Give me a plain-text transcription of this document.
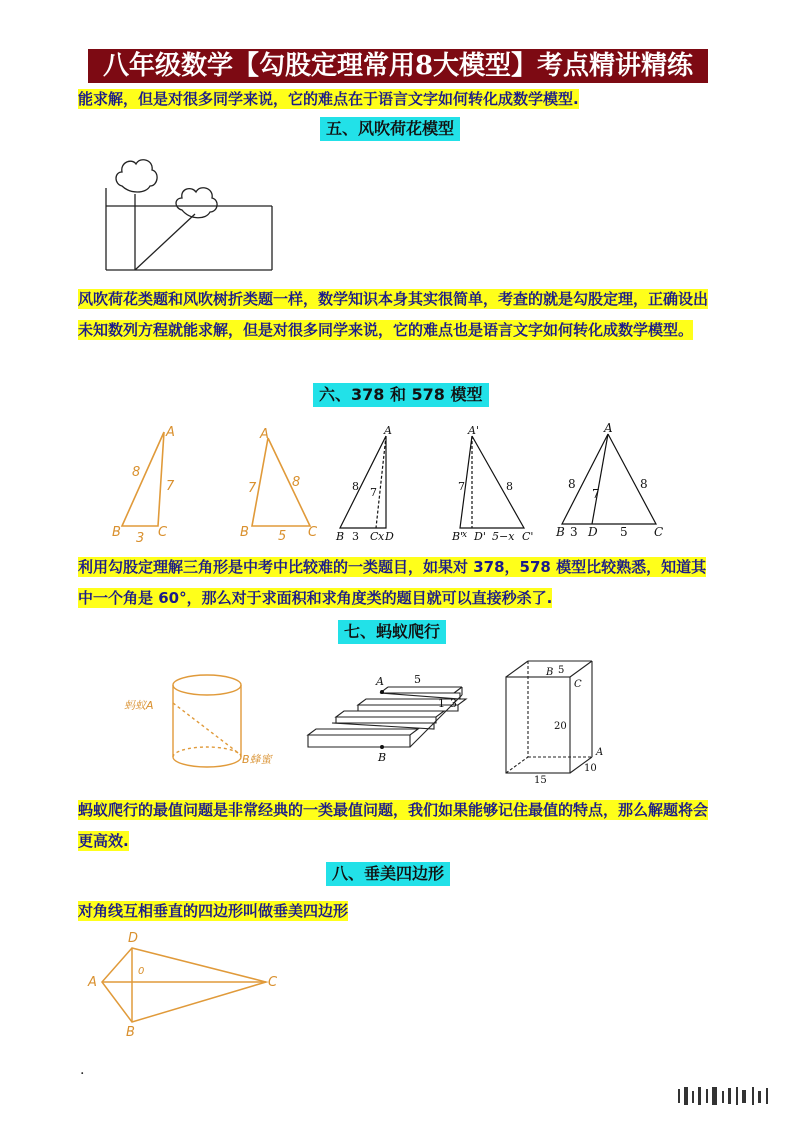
八年级数学【勾股定理常用8大模型】考点精讲精练
能求解，但是对很多同学来说，它的难点在于语言文字如何转化成数学模型.
五、风吹荷花模型
风吹荷花类题和风吹树折类题一样，数学知识本身其实很简单，考查的就是勾股定理，正确设出未知数列方程就能求解，但是对很多同学来说，它的难点也是语言文字如何转化成数学模型。
六、378 和 578 模型
A
B	C
8
7
3
A
B	C
7	8
5
A
B C x D
8 7
3
A'
B'
x D' 5−x C'
7	8
A
B D	C
3	5
8
7
8
利用勾股定理解三角形是中考中比较难的一类题目，如果对 378，578 模型比较熟悉，知道其中一个角是 60°，那么对于求面积和求角度类的题目就可以直接秒杀了.
七、蚂蚁爬行
蚂蚁A
B蜂蜜
A
B
5
1 3
B 5
C
20
A
10
15
蚂蚁爬行的最值问题是非常经典的一类最值问题，我们如果能够记住最值的特点，那么解题将会更高效.
八、垂美四边形
对角线互相垂直的四边形叫做垂美四边形
D
A
0
C
B
.
